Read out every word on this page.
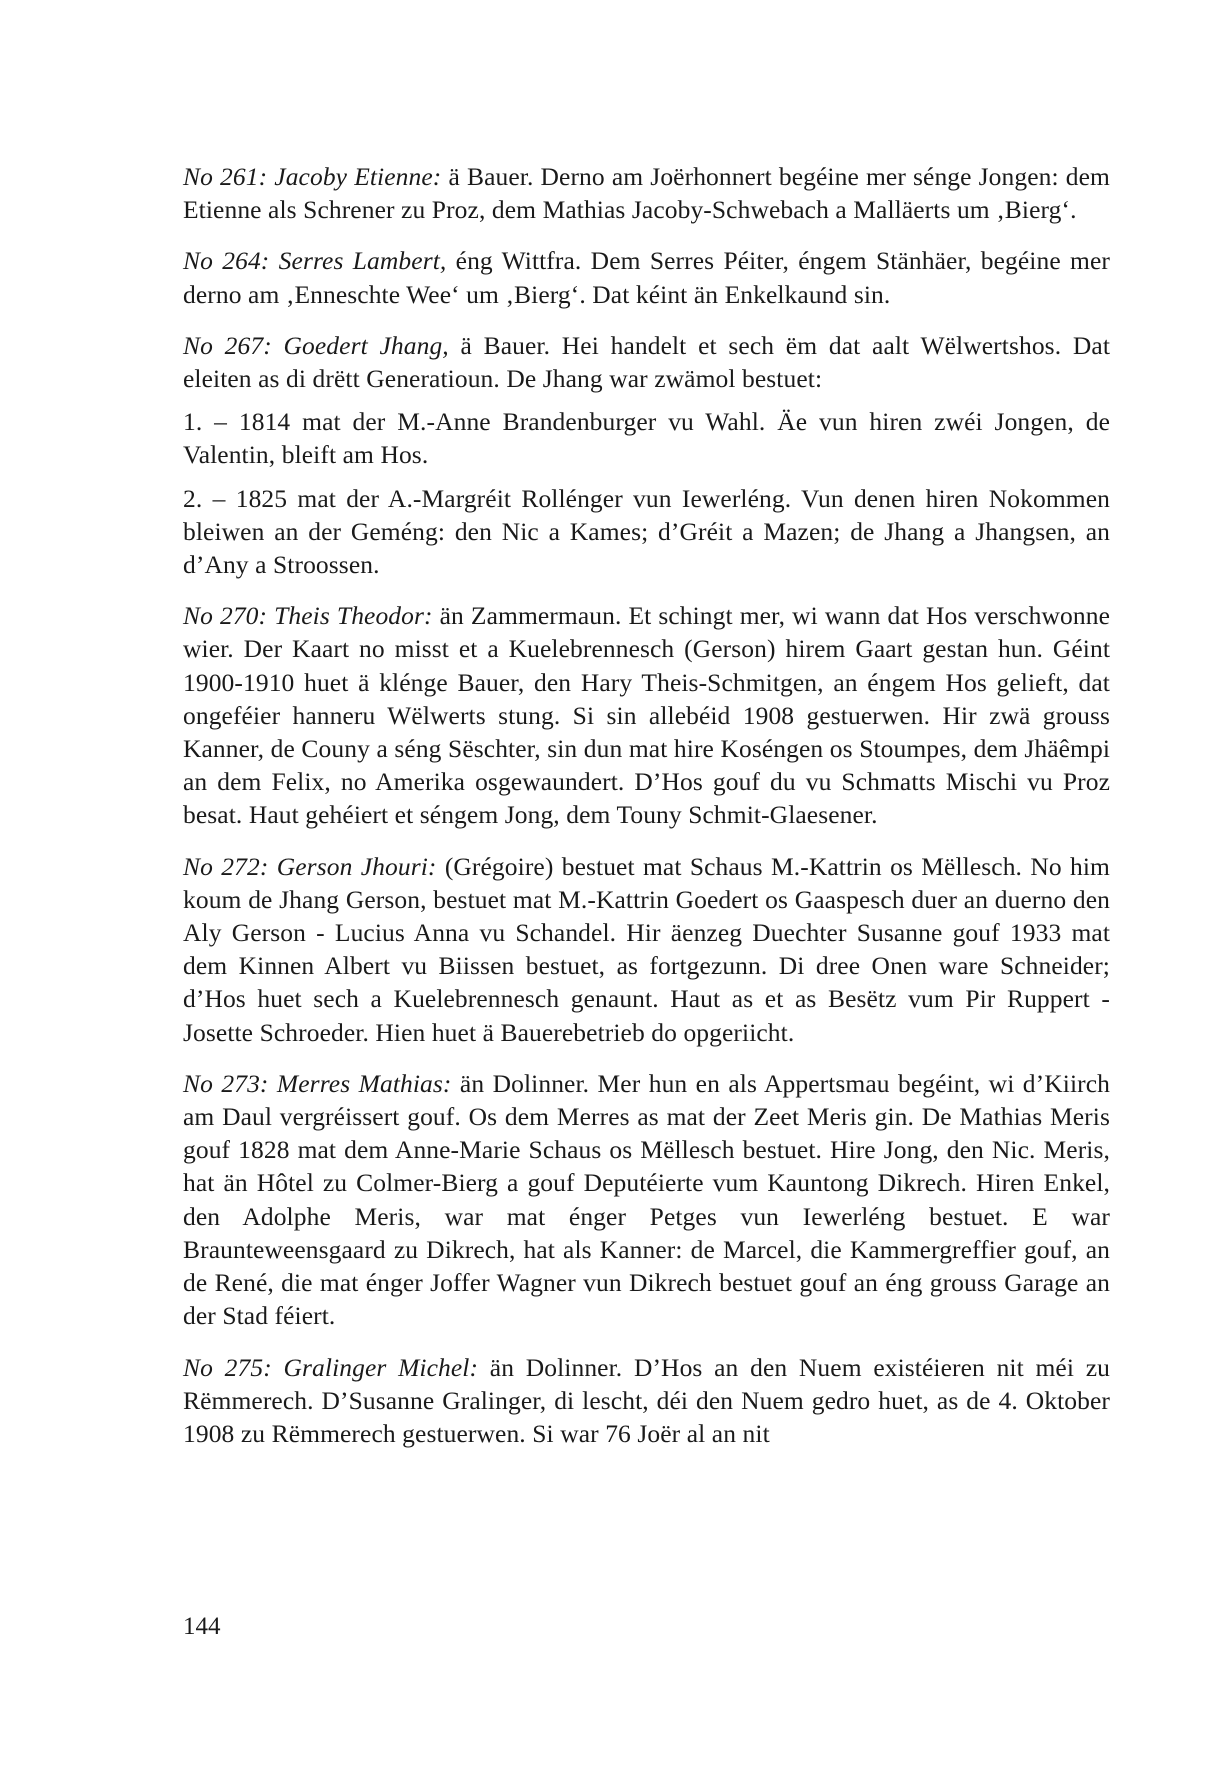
No 261: Jacoby Etienne: ä Bauer. Derno am Joërhonnert begéine mer sénge Jongen: dem Etienne als Schrener zu Proz, dem Mathias Jacoby-Schwebach a Malläerts um ‚Bierg‘.

No 264: Serres Lambert, éng Wittfra. Dem Serres Péiter, éngem Stänhäer, begéine mer derno am ‚Enneschte Wee‘ um ‚Bierg‘. Dat kéint än Enkelkaund sin.

No 267: Goedert Jhang, ä Bauer. Hei handelt et sech ëm dat aalt Wëlwertshos. Dat eleiten as di drëtt Generatioun. De Jhang war zwämol bestuet:

1. – 1814 mat der M.-Anne Brandenburger vu Wahl. Äe vun hiren zwéi Jongen, de Valentin, bleift am Hos.

2. – 1825 mat der A.-Margréit Rollénger vun Iewerléng. Vun denen hiren Nokommen bleiwen an der Geméng: den Nic a Kames; d’Gréit a Mazen; de Jhang a Jhangsen, an d’Any a Stroossen.

No 270: Theis Theodor: än Zammermaun. Et schingt mer, wi wann dat Hos verschwonne wier. Der Kaart no misst et a Kuelebrennesch (Gerson) hirem Gaart gestan hun. Géint 1900-1910 huet ä klénge Bauer, den Hary Theis-Schmitgen, an éngem Hos gelieft, dat ongeféier hanneru Wëlwerts stung. Si sin allebéid 1908 gestuerwen. Hir zwä grouss Kanner, de Couny a séng Sëschter, sin dun mat hire Koséngen os Stoumpes, dem Jhäêmpi an dem Felix, no Amerika osgewaundert. D’Hos gouf du vu Schmatts Mischi vu Proz besat. Haut gehéiert et séngem Jong, dem Touny Schmit-Glaesener.

No 272: Gerson Jhouri: (Grégoire) bestuet mat Schaus M.-Kattrin os Mëllesch. No him koum de Jhang Gerson, bestuet mat M.-Kattrin Goedert os Gaaspesch duer an duerno den Aly Gerson - Lucius Anna vu Schandel. Hir äenzeg Duechter Susanne gouf 1933 mat dem Kinnen Albert vu Biissen bestuet, as fortgezunn. Di dree Onen ware Schneider; d’Hos huet sech a Kuelebrennesch genaunt. Haut as et as Besëtz vum Pir Ruppert - Josette Schroeder. Hien huet ä Bauerebetrieb do opgeriicht.

No 273: Merres Mathias: än Dolinner. Mer hun en als Appertsmau begéint, wi d’Kiirch am Daul vergréissert gouf. Os dem Merres as mat der Zeet Meris gin. De Mathias Meris gouf 1828 mat dem Anne-Marie Schaus os Mëllesch bestuet. Hire Jong, den Nic. Meris, hat än Hôtel zu Colmer-Bierg a gouf Deputéierte vum Kauntong Dikrech. Hiren Enkel, den Adolphe Meris, war mat énger Petges vun Iewerléng bestuet. E war Braunteweensgaard zu Dikrech, hat als Kanner: de Marcel, die Kammergreffier gouf, an de René, die mat énger Joffer Wagner vun Dikrech bestuet gouf an éng grouss Garage an der Stad féiert.

No 275: Gralinger Michel: än Dolinner. D’Hos an den Nuem existéieren nit méi zu Rëmmerech. D’Susanne Gralinger, di lescht, déi den Nuem gedro huet, as de 4. Oktober 1908 zu Rëmmerech gestuerwen. Si war 76 Joër al an nit

144
